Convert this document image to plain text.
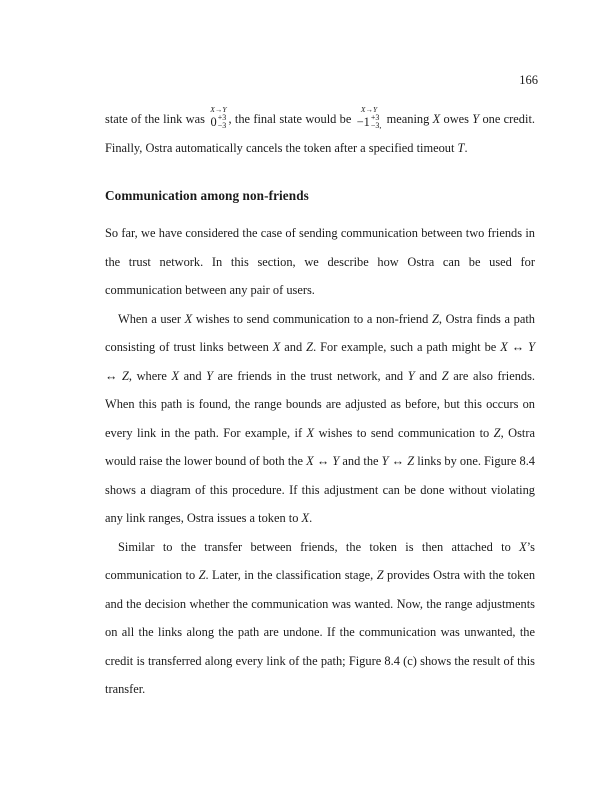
166

state of the link was
X→Y
0 +3
−3 , the final state would be
X→Y
−1 +3
−3, meaning X owes Y one credit. Finally, Ostra automatically cancels the token after a specified timeout T.

Communication among non-friends

So far, we have considered the case of sending communication between two friends in the trust network. In this section, we describe how Ostra can be used for communication between any pair of users.

When a user X wishes to send communication to a non-friend Z, Ostra finds a path consisting of trust links between X and Z. For example, such a path might be X ↔ Y ↔ Z, where X and Y are friends in the trust network, and Y and Z are also friends. When this path is found, the range bounds are adjusted as before, but this occurs on every link in the path. For example, if X wishes to send communication to Z, Ostra would raise the lower bound of both the X ↔ Y and the Y ↔ Z links by one. Figure 8.4 shows a diagram of this procedure. If this adjustment can be done without violating any link ranges, Ostra issues a token to X.

Similar to the transfer between friends, the token is then attached to X’s communication to Z. Later, in the classification stage, Z provides Ostra with the token and the decision whether the communication was wanted. Now, the range adjustments on all the links along the path are undone. If the communication was unwanted, the credit is transferred along every link of the path; Figure 8.4 (c) shows the result of this transfer.
